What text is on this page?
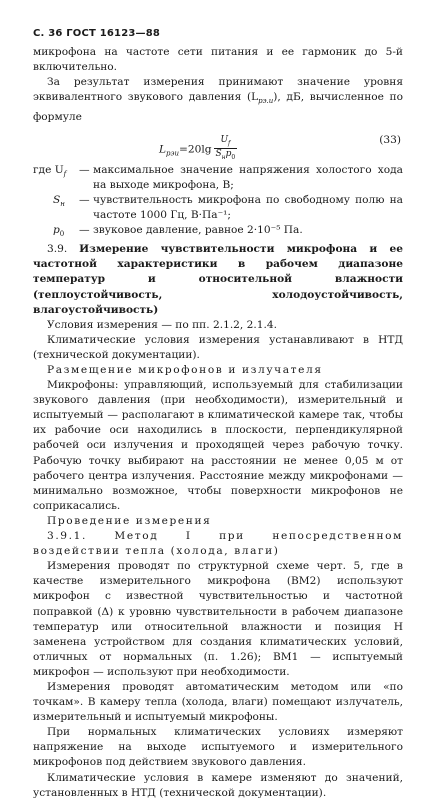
С. 36 ГОСТ 16123—88

микрофона на частоте сети питания и ее гармоник до 5-й включительно.

За результат измерения принимают значение уровня эквивалентного звукового давления $(L_{рэ.и})$, дБ, вычисленное по формуле

$L_{рэи}=20\lg \frac{U_f}{S_нp_0}$	(33)
где $U_f$	— максимальное значение напряжения холостого хода на выходе микрофона, В;
$S_н$	— чувствительность микрофона по свободному полю на частоте 1000 Гц, В·Па⁻¹;
$p_0$	— звуковое давление, равное 2·10⁻⁵ Па.

3.9. Измерение чувствительности микрофона и ее частотной характеристики в рабочем диапазоне температур и относительной влажности (теплоустойчивость, холодоустойчивость, влагоустойчивость)

Условия измерения — по пп. 2.1.2, 2.1.4.

Климатические условия измерения устанавливают в НТД (технической документации).

Размещение микрофонов и излучателя

Микрофоны: управляющий, используемый для стабилизации звукового давления (при необходимости), измерительный и испытуемый — располагают в климатической камере так, чтобы их рабочие оси находились в плоскости, перпендикулярной рабочей оси излучения и проходящей через рабочую точку. Рабочую точку выбирают на расстоянии не менее 0,05 м от рабочего центра излучения. Расстояние между микрофонами — минимально возможное, чтобы поверхности микрофонов не соприкасались.

Проведение измерения

3.9.1. Метод I при непосредственном воздействии тепла (холода, влаги)

Измерения проводят по структурной схеме черт. 5, где в качестве измерительного микрофона (BM2) используют микрофон с известной чувствительностью и частотной поправкой (Δ) к уровню чувствительности в рабочем диапазоне температур или относительной влажности и позиция H заменена устройством для создания климатических условий, отличных от нормальных (п. 1.26); BM1 — испытуемый микрофон — используют при необходимости.

Измерения проводят автоматическим методом или «по точкам». В камеру тепла (холода, влаги) помещают излучатель, измерительный и испытуемый микрофоны.

При нормальных климатических условиях измеряют напряжение на выходе испытуемого и измерительного микрофонов под действием звукового давления.

Климатические условия в камере изменяют до значений, установленных в НТД (технической документации).
